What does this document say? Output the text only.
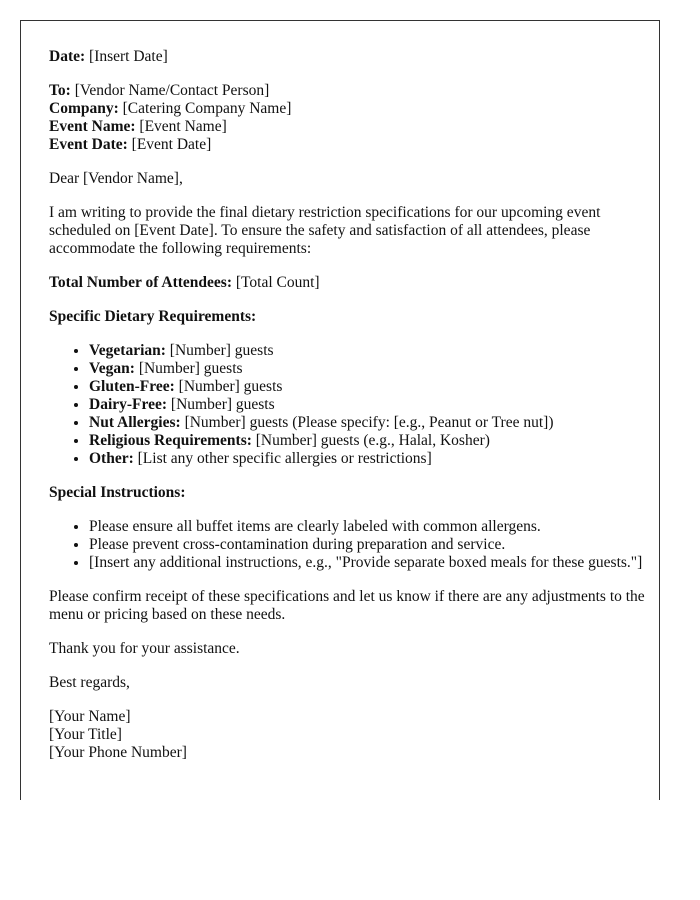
Date: [Insert Date]

To: [Vendor Name/Contact Person]
Company: [Catering Company Name]
Event Name: [Event Name]
Event Date: [Event Date]

Dear [Vendor Name],

I am writing to provide the final dietary restriction specifications for our upcoming event scheduled on [Event Date]. To ensure the safety and satisfaction of all attendees, please accommodate the following requirements:

Total Number of Attendees: [Total Count]

Specific Dietary Requirements:

• Vegetarian: [Number] guests
• Vegan: [Number] guests
• Gluten-Free: [Number] guests
• Dairy-Free: [Number] guests
• Nut Allergies: [Number] guests (Please specify: [e.g., Peanut or Tree nut])
• Religious Requirements: [Number] guests (e.g., Halal, Kosher)
• Other: [List any other specific allergies or restrictions]

Special Instructions:

• Please ensure all buffet items are clearly labeled with common allergens.
• Please prevent cross-contamination during preparation and service.
• [Insert any additional instructions, e.g., "Provide separate boxed meals for these guests."]

Please confirm receipt of these specifications and let us know if there are any adjustments to the menu or pricing based on these needs.

Thank you for your assistance.

Best regards,

[Your Name]
[Your Title]
[Your Phone Number]
